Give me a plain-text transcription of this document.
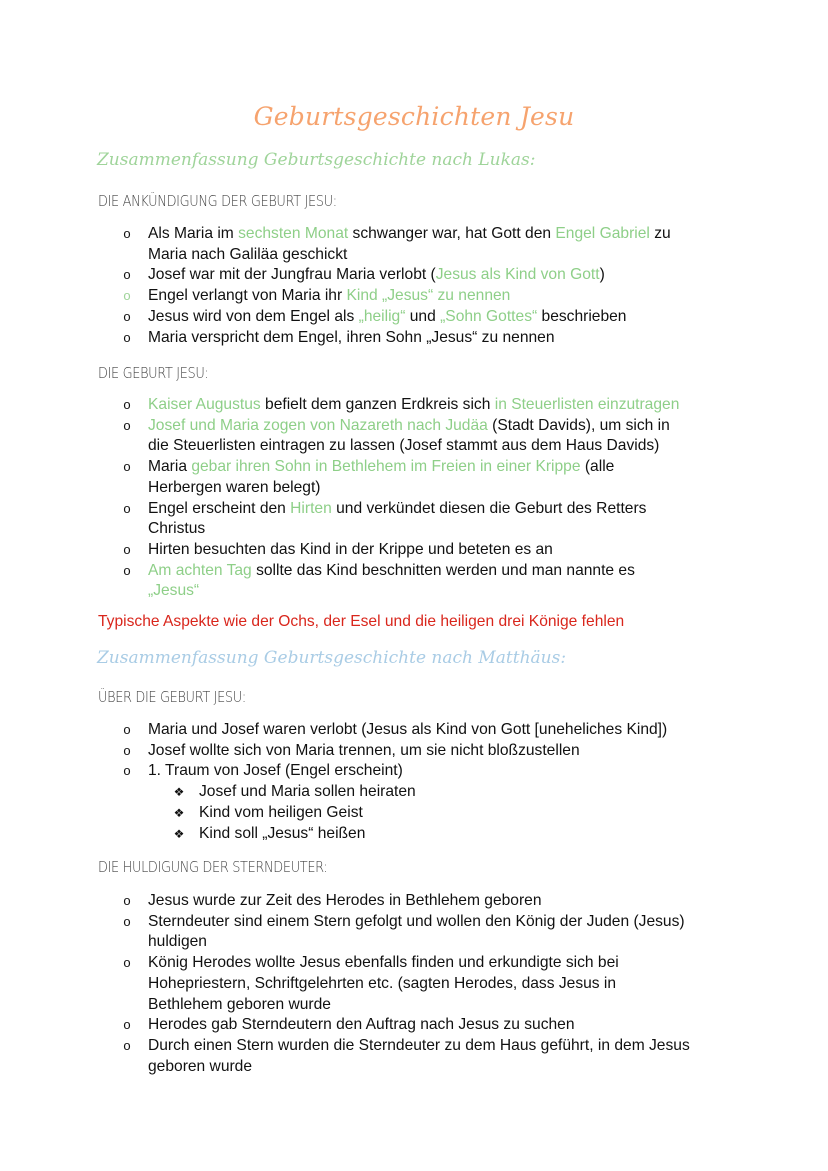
Geburtsgeschichten Jesu
Zusammenfassung Geburtsgeschichte nach Lukas:
DIE ANKÜNDIGUNG DER GEBURT JESU:
o Als Maria im sechsten Monat schwanger war, hat Gott den Engel Gabriel zu
Maria nach Galiläa geschickt
o Josef war mit der Jungfrau Maria verlobt (Jesus als Kind von Gott)
o Engel verlangt von Maria ihr Kind „Jesus“ zu nennen
o Jesus wird von dem Engel als „heilig“ und „Sohn Gottes“ beschrieben
o Maria verspricht dem Engel, ihren Sohn „Jesus“ zu nennen
DIE GEBURT JESU:
o Kaiser Augustus befielt dem ganzen Erdkreis sich in Steuerlisten einzutragen
o Josef und Maria zogen von Nazareth nach Judäa (Stadt Davids), um sich in
die Steuerlisten eintragen zu lassen (Josef stammt aus dem Haus Davids)
o Maria gebar ihren Sohn in Bethlehem im Freien in einer Krippe (alle
Herbergen waren belegt)
o Engel erscheint den Hirten und verkündet diesen die Geburt des Retters
Christus
o Hirten besuchten das Kind in der Krippe und beteten es an
o Am achten Tag sollte das Kind beschnitten werden und man nannte es
„Jesus“
Typische Aspekte wie der Ochs, der Esel und die heiligen drei Könige fehlen
Zusammenfassung Geburtsgeschichte nach Matthäus:
ÜBER DIE GEBURT JESU:
o Maria und Josef waren verlobt (Jesus als Kind von Gott [uneheliches Kind])
o Josef wollte sich von Maria trennen, um sie nicht bloßzustellen
o 1. Traum von Josef (Engel erscheint)
❖ Josef und Maria sollen heiraten
❖ Kind vom heiligen Geist
❖ Kind soll „Jesus“ heißen
DIE HULDIGUNG DER STERNDEUTER:
o Jesus wurde zur Zeit des Herodes in Bethlehem geboren
o Sterndeuter sind einem Stern gefolgt und wollen den König der Juden (Jesus)
huldigen
o König Herodes wollte Jesus ebenfalls finden und erkundigte sich bei
Hohepriestern, Schriftgelehrten etc. (sagten Herodes, dass Jesus in
Bethlehem geboren wurde
o Herodes gab Sterndeutern den Auftrag nach Jesus zu suchen
o Durch einen Stern wurden die Sterndeuter zu dem Haus geführt, in dem Jesus
geboren wurde
